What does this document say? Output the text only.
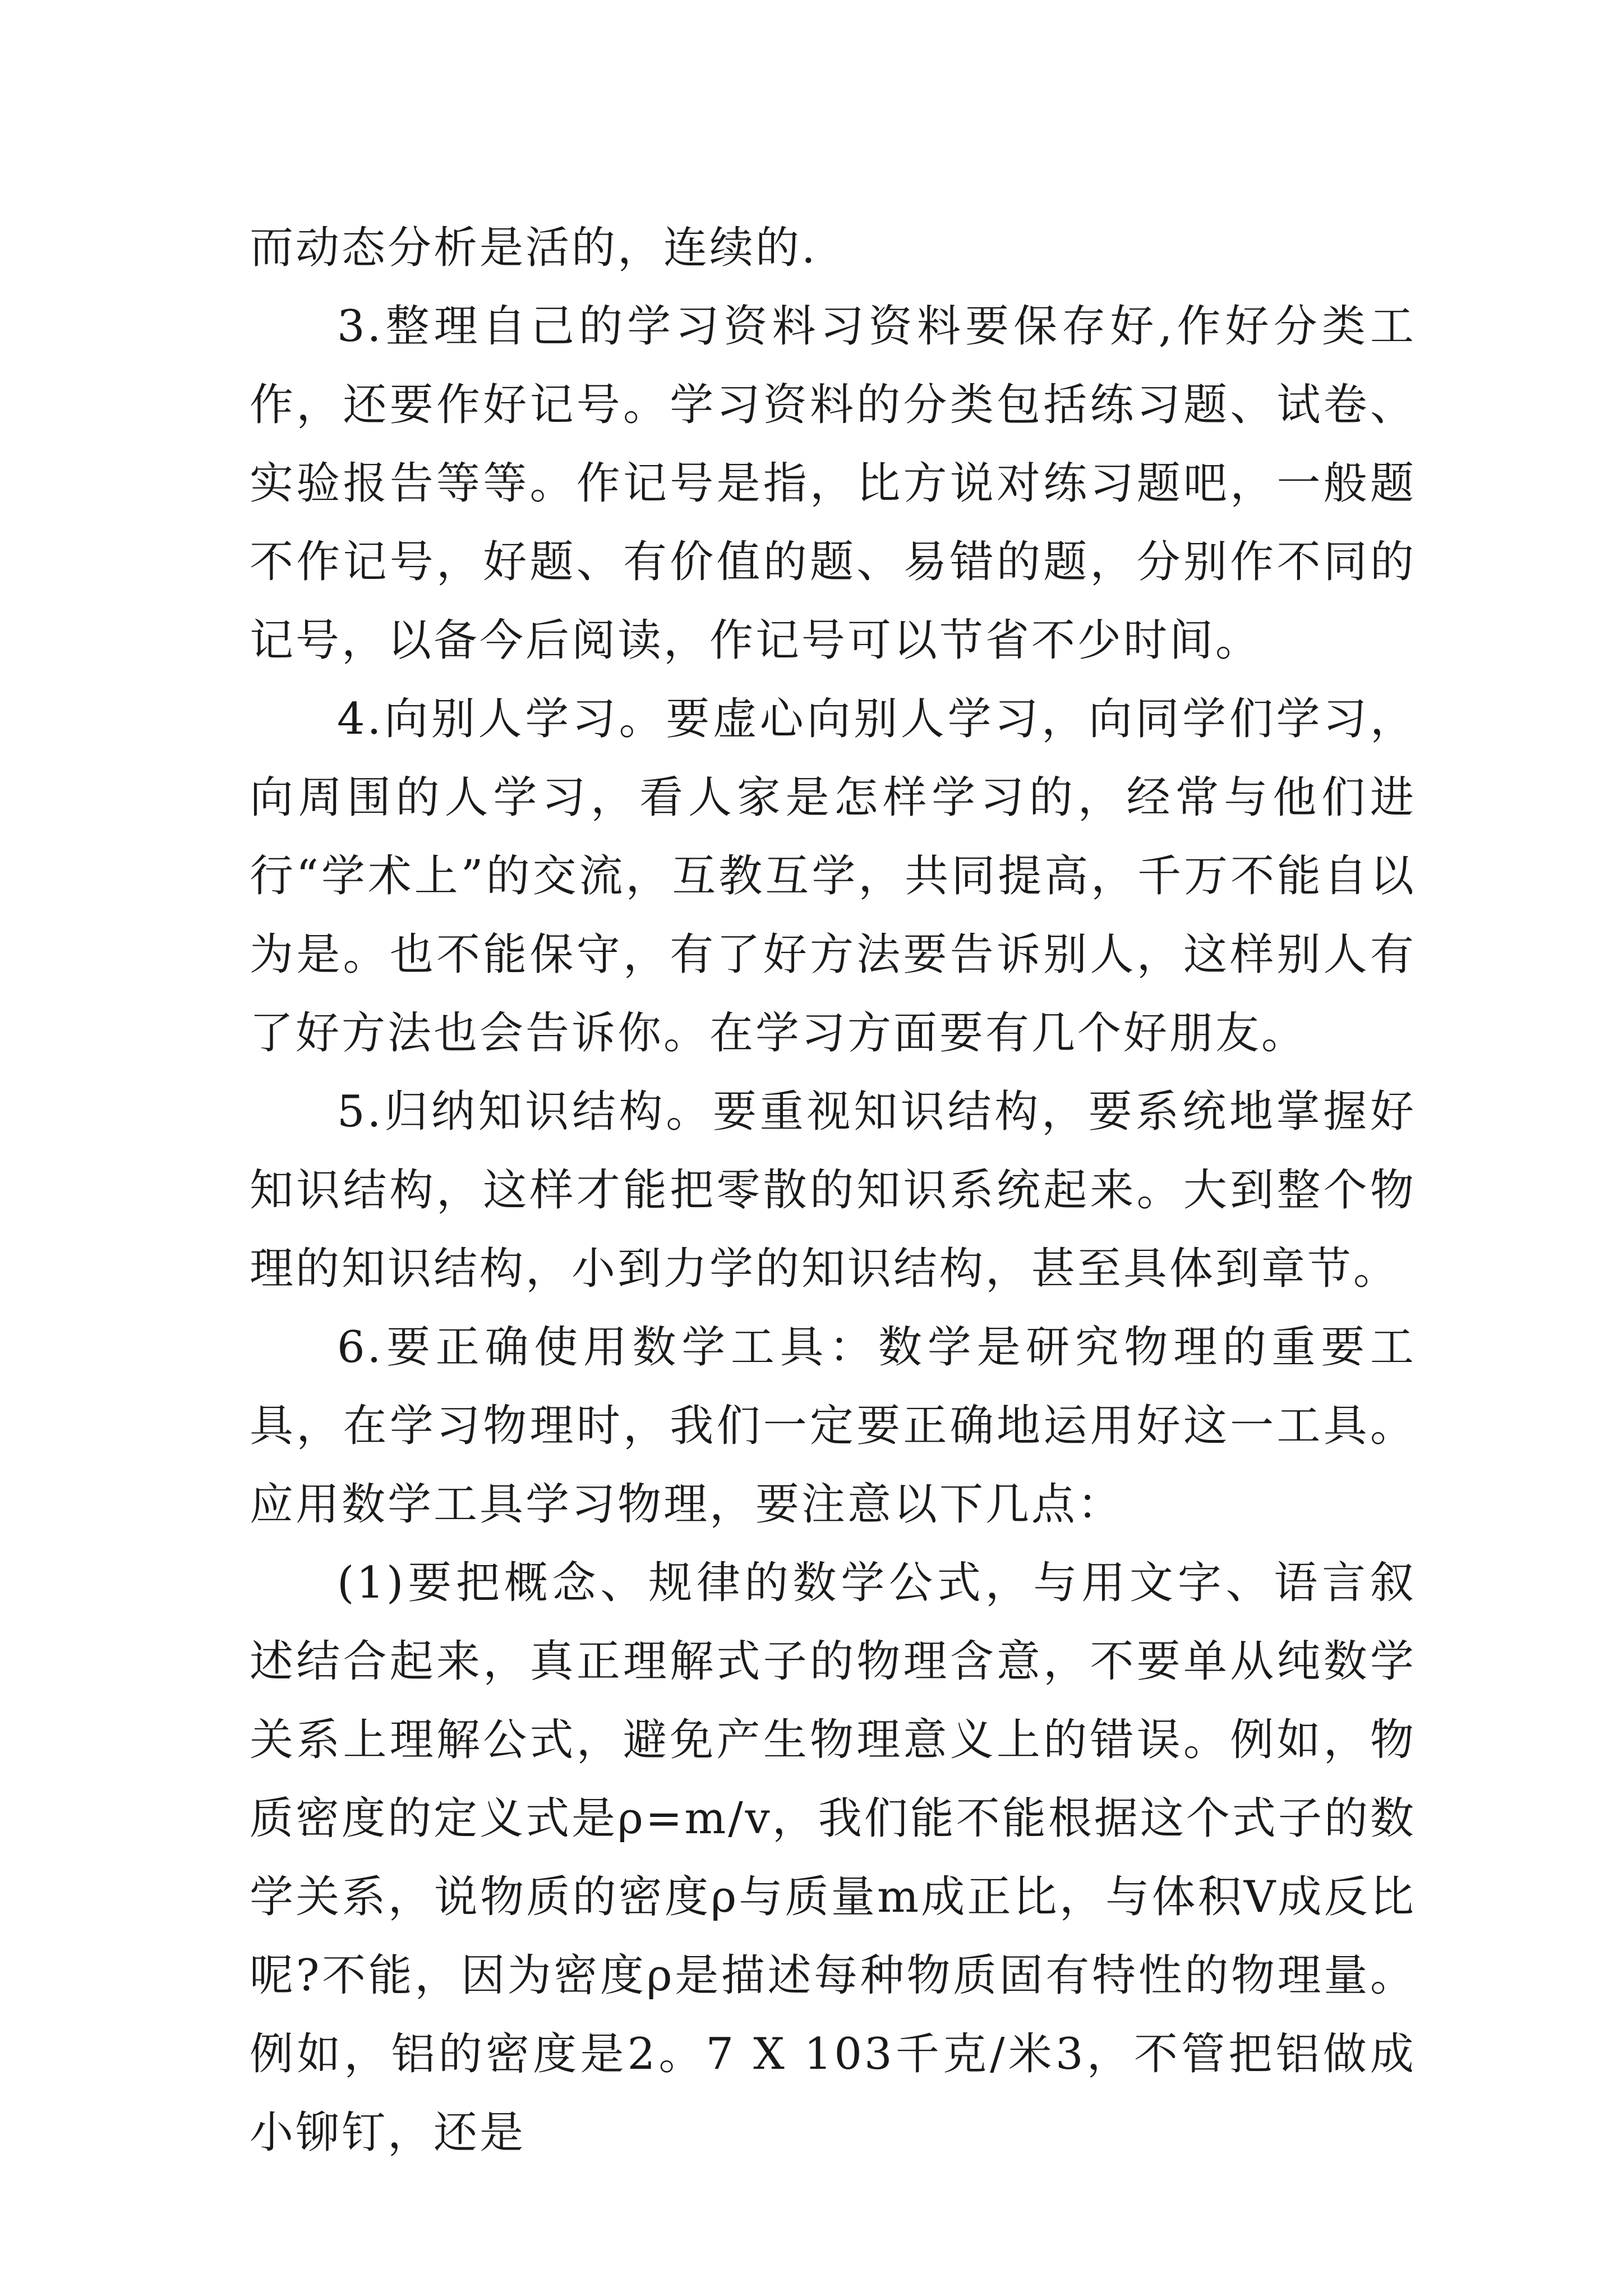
而动态分析是活的，连续的.

3.整理自己的学习资料习资料要保存好,作好分类工作，还要作好记号。学习资料的分类包括练习题、试卷、实验报告等等。作记号是指，比方说对练习题吧，一般题不作记号，好题、有价值的题、易错的题，分别作不同的记号，以备今后阅读，作记号可以节省不少时间。

4.向别人学习。要虚心向别人学习，向同学们学习，向周围的人学习，看人家是怎样学习的，经常与他们进行“学术上”的交流，互教互学，共同提高，千万不能自以为是。也不能保守，有了好方法要告诉别人，这样别人有了好方法也会告诉你。在学习方面要有几个好朋友。

5.归纳知识结构。要重视知识结构，要系统地掌握好知识结构，这样才能把零散的知识系统起来。大到整个物理的知识结构，小到力学的知识结构，甚至具体到章节。

6.要正确使用数学工具：数学是研究物理的重要工具，在学习物理时，我们一定要正确地运用好这一工具。应用数学工具学习物理，要注意以下几点：

(1)要把概念、规律的数学公式，与用文字、语言叙述结合起来，真正理解式子的物理含意，不要单从纯数学关系上理解公式，避免产生物理意义上的错误。例如，物质密度的定义式是ρ=m/v，我们能不能根据这个式子的数学关系，说物质的密度ρ与质量m成正比，与体积V成反比呢?不能，因为密度ρ是描述每种物质固有特性的物理量。例如，铝的密度是2。7 X 103千克/米3，不管把铝做成小铆钉，还是
